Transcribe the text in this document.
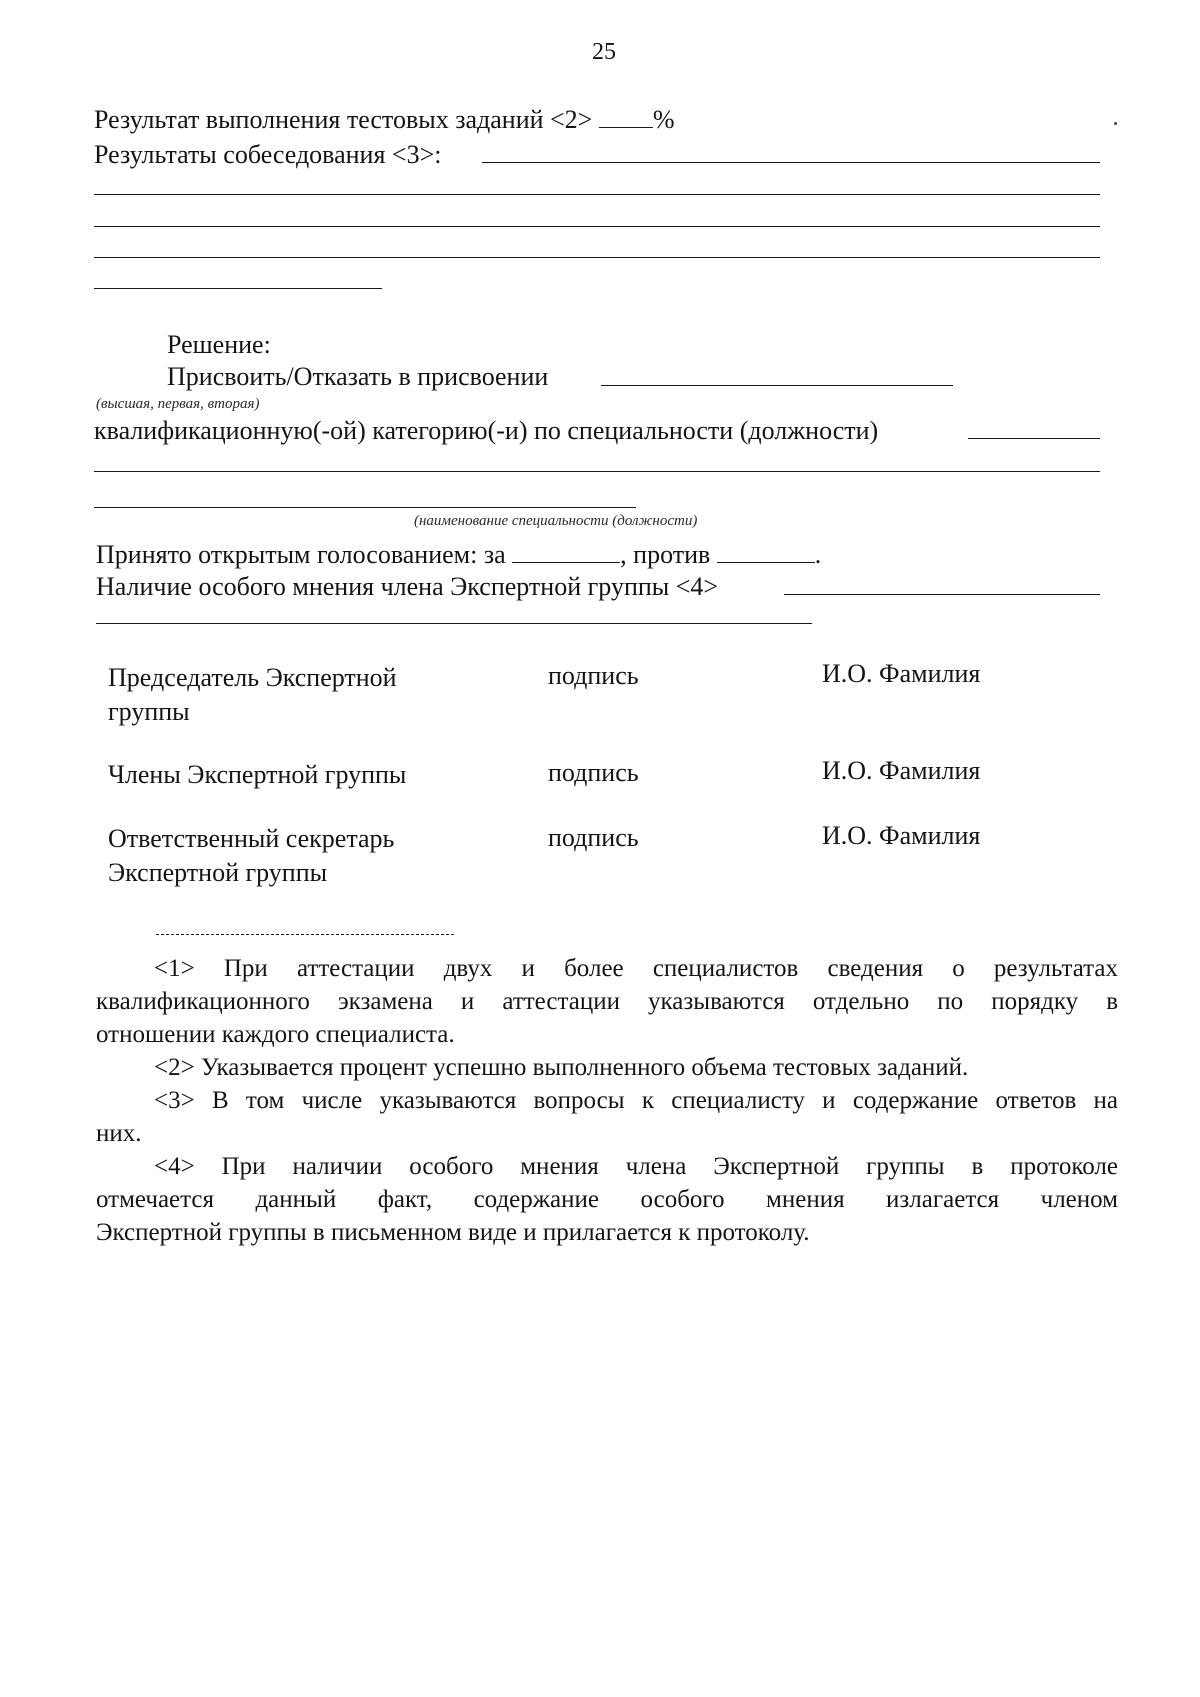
25
Результат выполнения тестовых заданий <2> %
Результаты собеседования <3>:
Решение:
Присвоить/Отказать в присвоении
(высшая, первая, вторая)
квалификационную(-ой) категорию(-и) по специальности (должности)
(наименование специальности (должности)
Принято открытым голосованием: за	, против	.
Наличие особого мнения члена Экспертной группы <4>
Председатель Экспертной
группы
подпись	И.О. Фамилия
Члены Экспертной группы	подпись	И.О. Фамилия
Ответственный секретарь
Экспертной группы
подпись	И.О. Фамилия
<1> При аттестации двух и более специалистов сведения о результатах
квалификационного экзамена и аттестации указываются отдельно по порядку в
отношении каждого специалиста.
<2> Указывается процент успешно выполненного объема тестовых заданий.
<3> В том числе указываются вопросы к специалисту и содержание ответов на
них.
<4> При наличии особого мнения члена Экспертной группы в протоколе
отмечается данный факт, содержание особого мнения излагается членом
Экспертной группы в письменном виде и прилагается к протоколу.
